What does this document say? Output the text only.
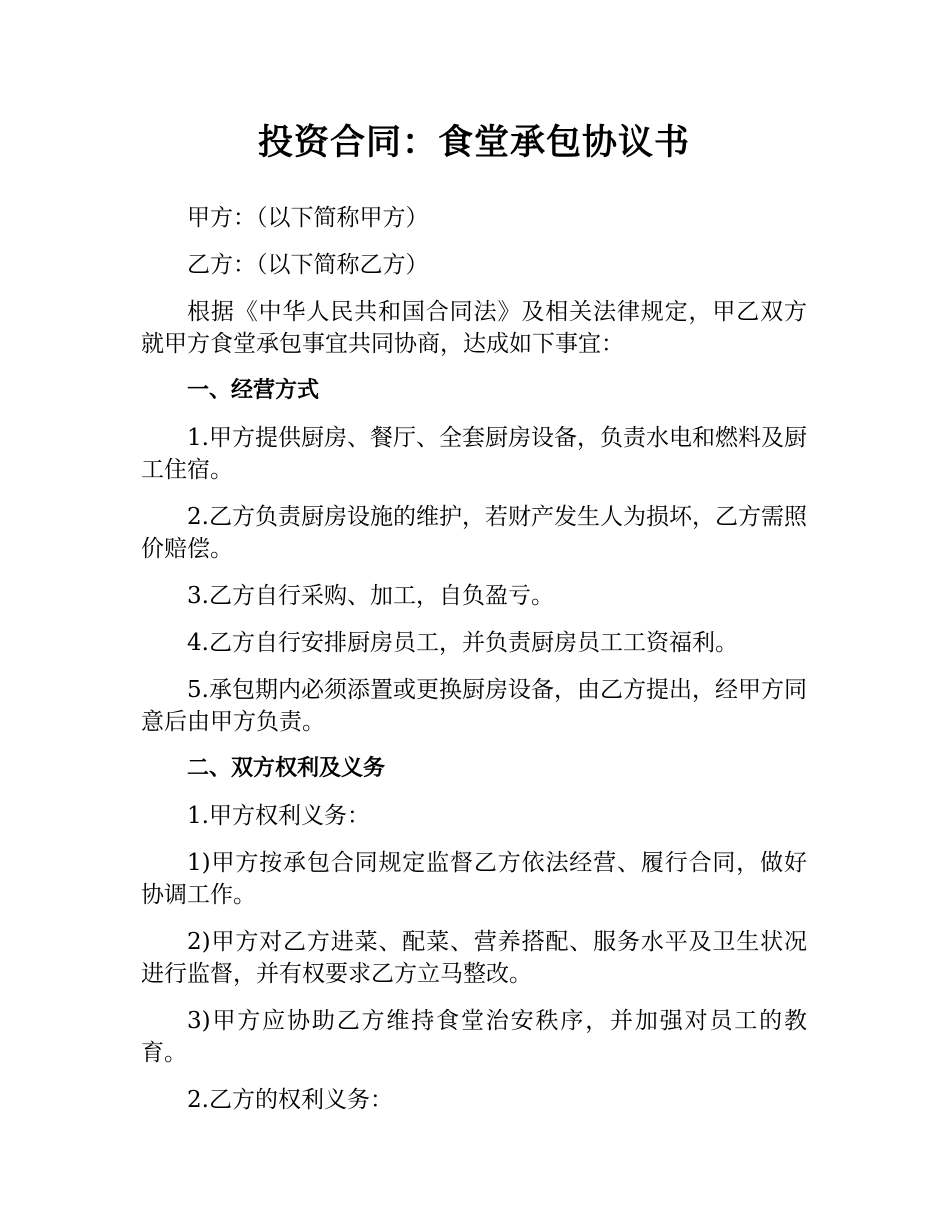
投资合同：食堂承包协议书

甲方：（以下简称甲方）

乙方：（以下简称乙方）

根据《中华人民共和国合同法》及相关法律规定，甲乙双方就甲方食堂承包事宜共同协商，达成如下事宜：

一、经营方式

1.甲方提供厨房、餐厅、全套厨房设备，负责水电和燃料及厨工住宿。

2.乙方负责厨房设施的维护，若财产发生人为损坏，乙方需照价赔偿。

3.乙方自行采购、加工，自负盈亏。

4.乙方自行安排厨房员工，并负责厨房员工工资福利。

5.承包期内必须添置或更换厨房设备，由乙方提出，经甲方同意后由甲方负责。

二、双方权利及义务

1.甲方权利义务：

1)甲方按承包合同规定监督乙方依法经营、履行合同，做好协调工作。

2)甲方对乙方进菜、配菜、营养搭配、服务水平及卫生状况进行监督，并有权要求乙方立马整改。

3)甲方应协助乙方维持食堂治安秩序，并加强对员工的教育。

2.乙方的权利义务：
